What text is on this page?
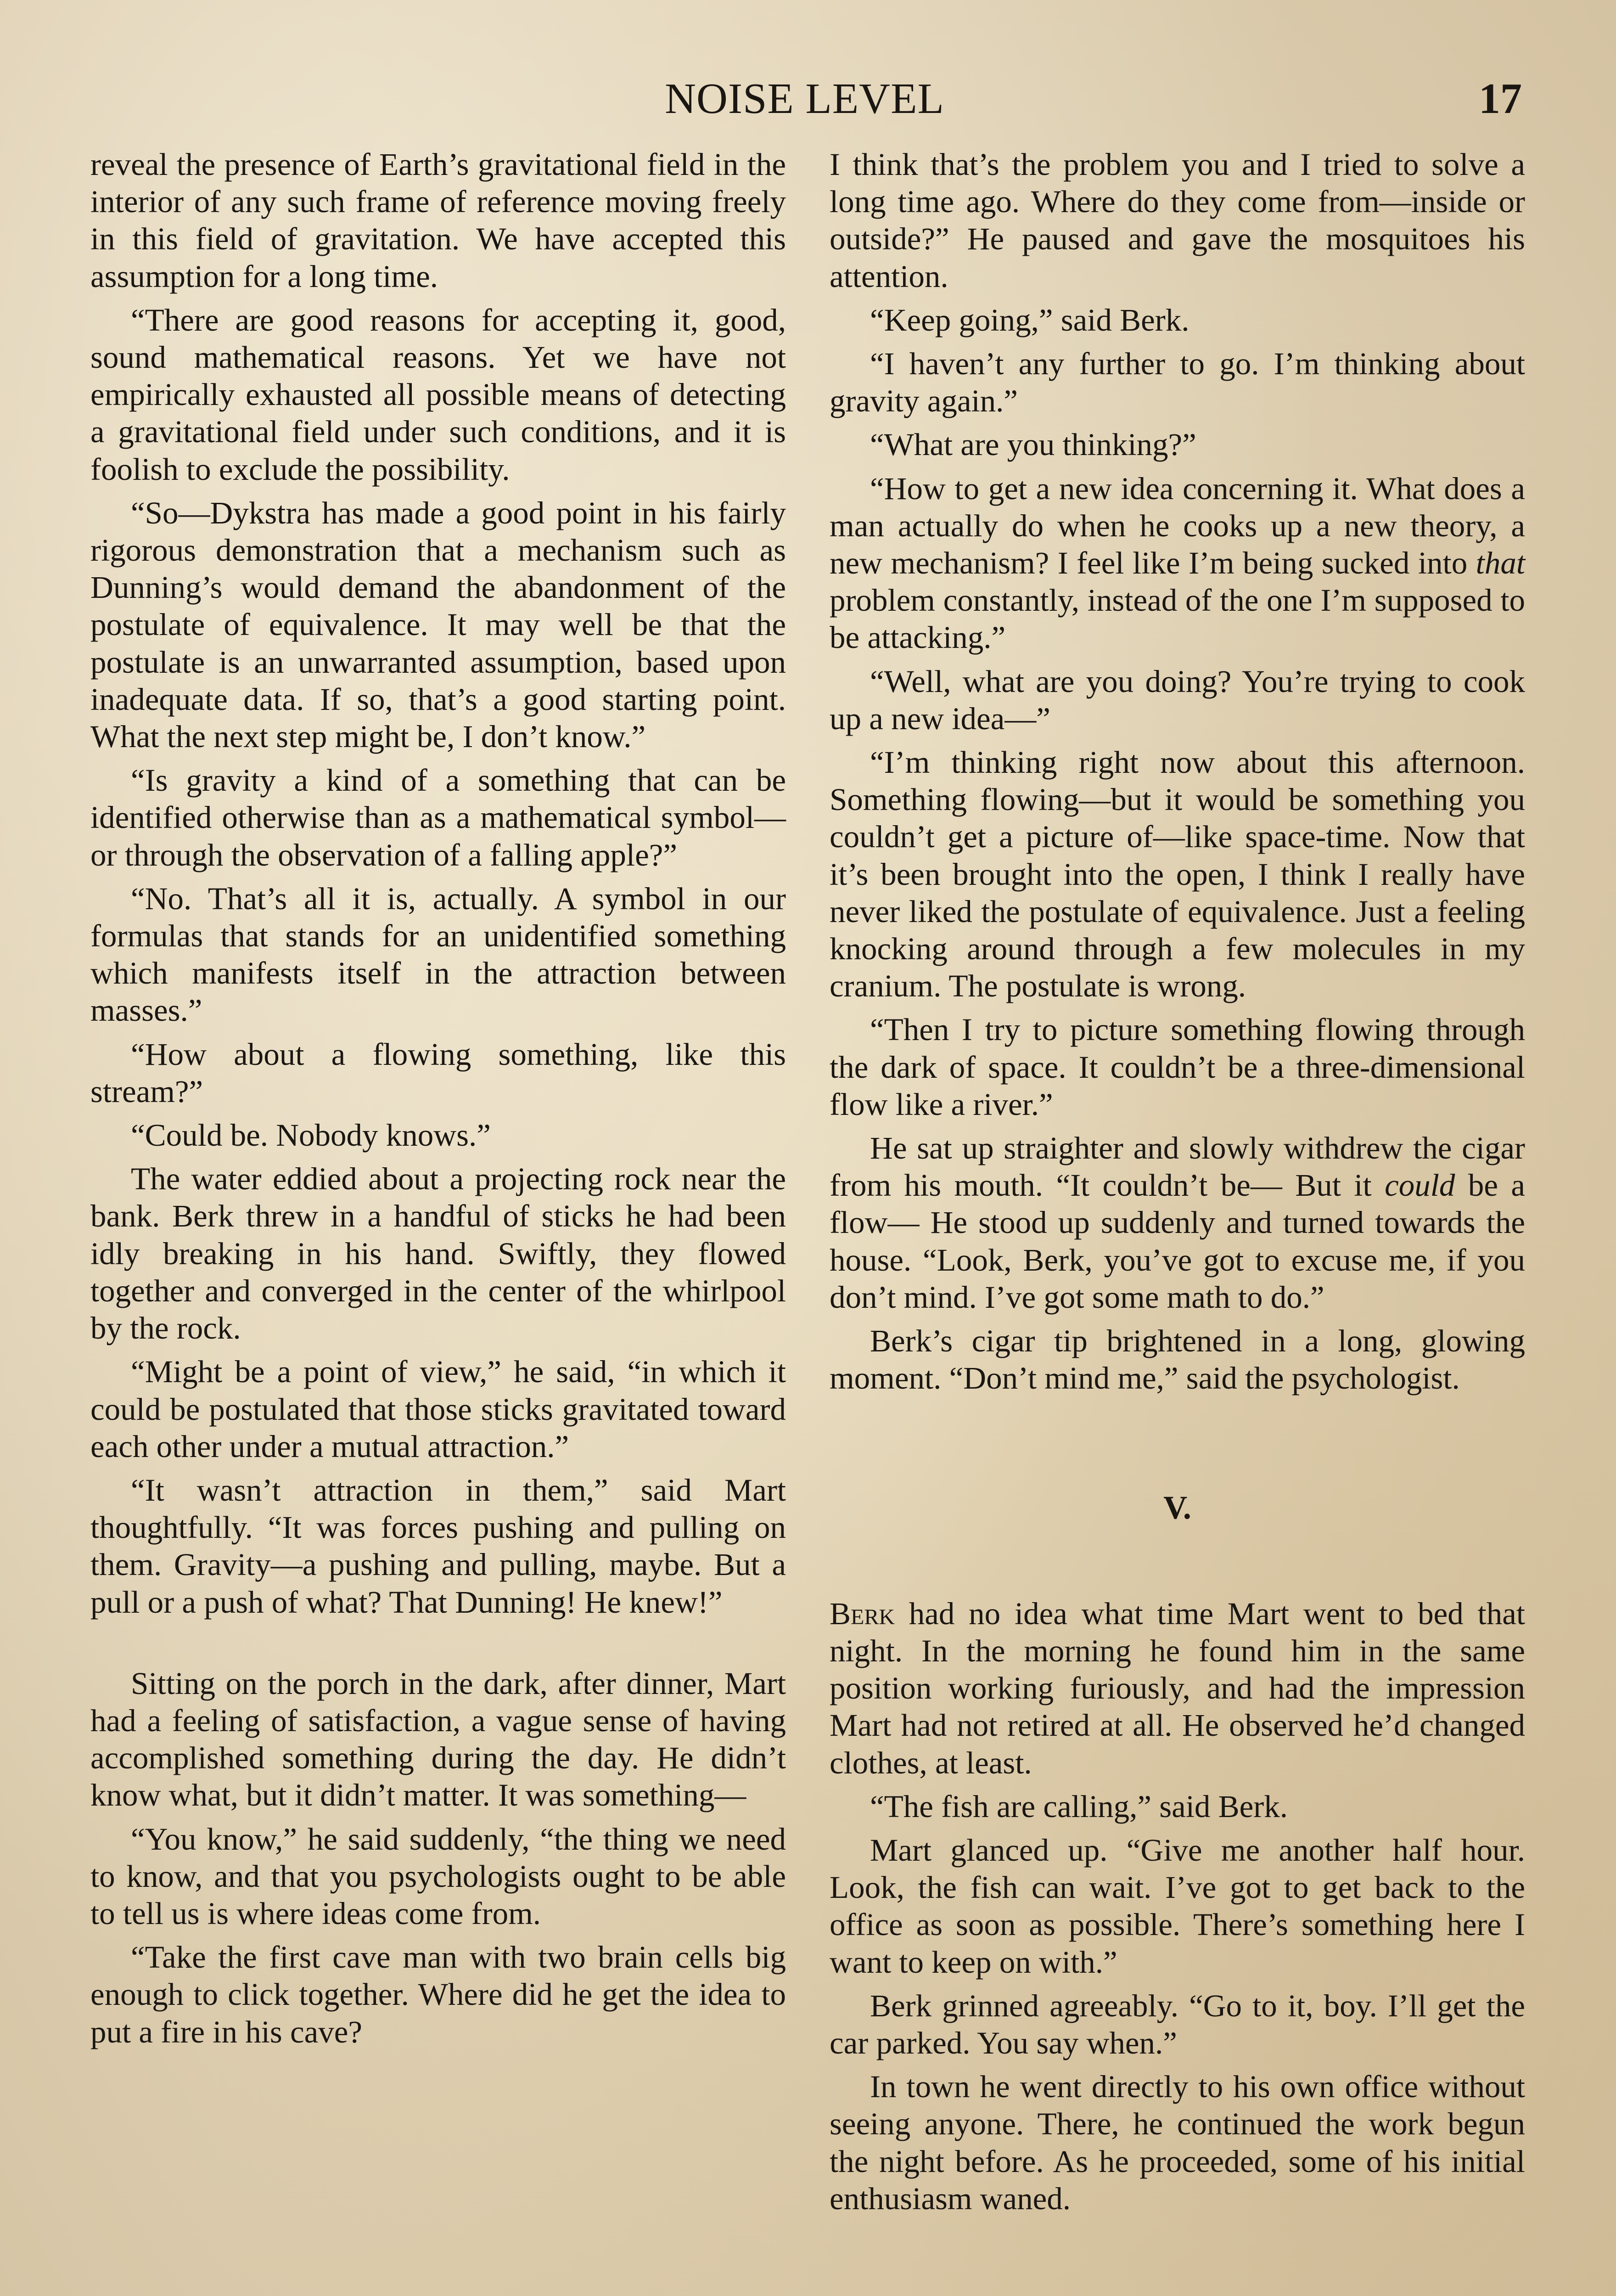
NOISE LEVEL	17

reveal the presence of Earth’s gravitational field in the interior of any such frame of reference moving freely in this field of gravitation. We have accepted this assumption for a long time.

“There are good reasons for accepting it, good, sound mathematical reasons. Yet we have not empirically exhausted all possible means of detecting a gravitational field under such conditions, and it is foolish to exclude the possibility.

“So—Dykstra has made a good point in his fairly rigorous demonstration that a mechanism such as Dunning’s would demand the abandonment of the postulate of equivalence. It may well be that the postulate is an unwarranted assumption, based upon inadequate data. If so, that’s a good starting point. What the next step might be, I don’t know.”

“Is gravity a kind of a something that can be identified otherwise than as a mathematical symbol—or through the observation of a falling apple?”

“No. That’s all it is, actually. A symbol in our formulas that stands for an unidentified something which manifests itself in the attraction between masses.”

“How about a flowing something, like this stream?”

“Could be. Nobody knows.”

The water eddied about a projecting rock near the bank. Berk threw in a handful of sticks he had been idly breaking in his hand. Swiftly, they flowed together and converged in the center of the whirlpool by the rock.

“Might be a point of view,” he said, “in which it could be postulated that those sticks gravitated toward each other under a mutual attraction.”

“It wasn’t attraction in them,” said Mart thoughtfully. “It was forces pushing and pulling on them. Gravity—a pushing and pulling, maybe. But a pull or a push of what? That Dunning! He knew!”

Sitting on the porch in the dark, after dinner, Mart had a feeling of satisfaction, a vague sense of having accomplished something during the day. He didn’t know what, but it didn’t matter. It was something—

“You know,” he said suddenly, “the thing we need to know, and that you psychologists ought to be able to tell us is where ideas come from.

“Take the first cave man with two brain cells big enough to click together. Where did he get the idea to put a fire in his cave?

I think that’s the problem you and I tried to solve a long time ago. Where do they come from—inside or outside?” He paused and gave the mosquitoes his attention.

“Keep going,” said Berk.

“I haven’t any further to go. I’m thinking about gravity again.”

“What are you thinking?”

“How to get a new idea concerning it. What does a man actually do when he cooks up a new theory, a new mechanism? I feel like I’m being sucked into that problem constantly, instead of the one I’m supposed to be attacking.”

“Well, what are you doing? You’re trying to cook up a new idea—”

“I’m thinking right now about this afternoon. Something flowing—but it would be something you couldn’t get a picture of—like space-time. Now that it’s been brought into the open, I think I really have never liked the postulate of equivalence. Just a feeling knocking around through a few molecules in my cranium. The postulate is wrong.

“Then I try to picture something flowing through the dark of space. It couldn’t be a three-dimensional flow like a river.”

He sat up straighter and slowly withdrew the cigar from his mouth. “It couldn’t be— But it could be a flow— He stood up suddenly and turned towards the house. “Look, Berk, you’ve got to excuse me, if you don’t mind. I’ve got some math to do.”

Berk’s cigar tip brightened in a long, glowing moment. “Don’t mind me,” said the psychologist.

V.

Berk had no idea what time Mart went to bed that night. In the morning he found him in the same position working furiously, and had the impression Mart had not retired at all. He observed he’d changed clothes, at least.

“The fish are calling,” said Berk.

Mart glanced up. “Give me another half hour. Look, the fish can wait. I’ve got to get back to the office as soon as possible. There’s something here I want to keep on with.”

Berk grinned agreeably. “Go to it, boy. I’ll get the car parked. You say when.”

In town he went directly to his own office without seeing anyone. There, he continued the work begun the night before. As he proceeded, some of his initial enthusiasm waned.
